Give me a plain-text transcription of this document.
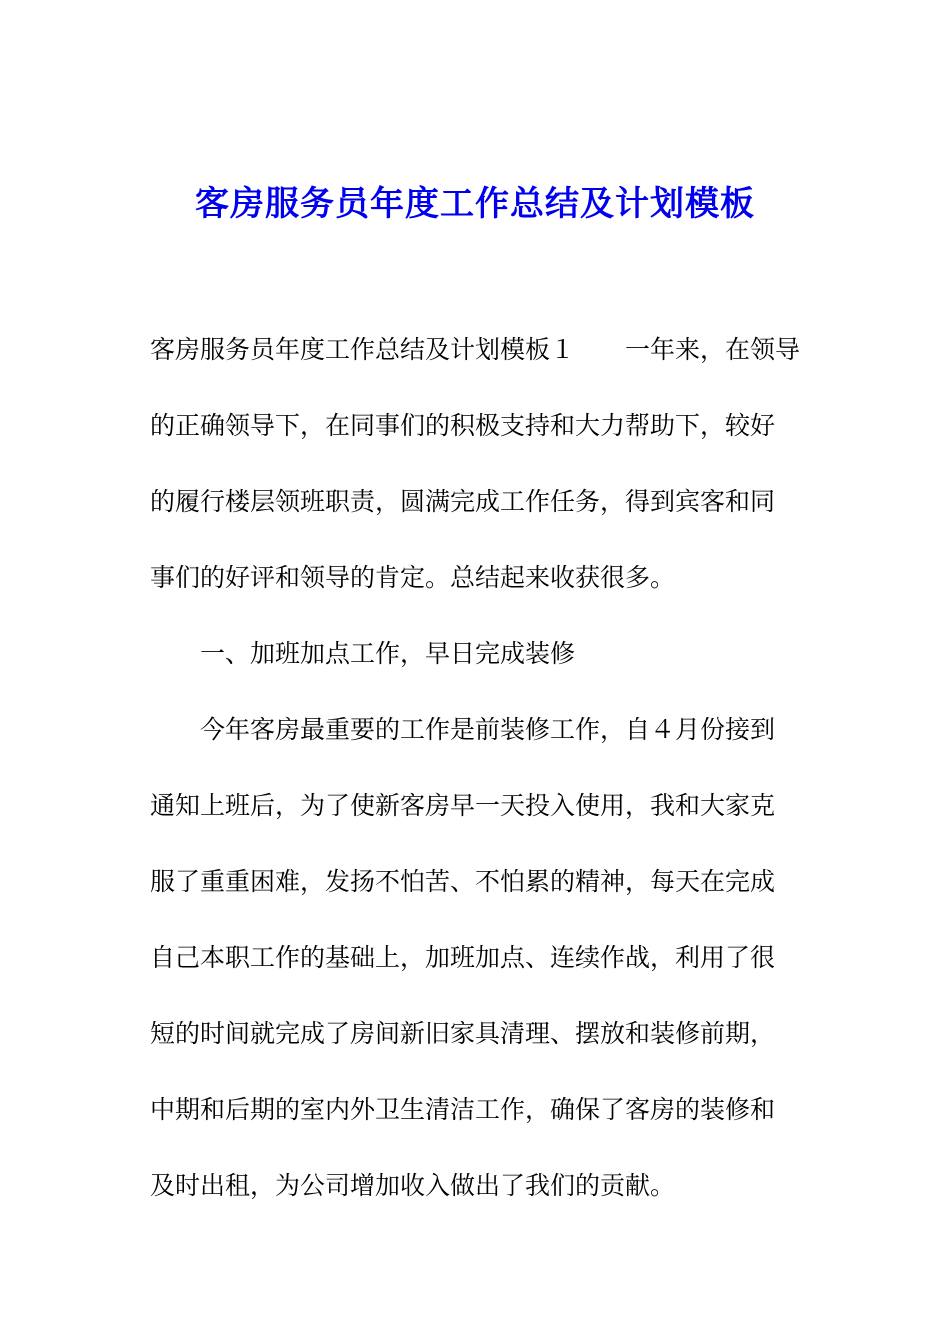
客房服务员年度工作总结及计划模板
客房服务员年度工作总结及计划模板１　　一年来，在领导
的正确领导下，在同事们的积极支持和大力帮助下，较好
的履行楼层领班职责，圆满完成工作任务，得到宾客和同
事们的好评和领导的肯定。总结起来收获很多。
一、加班加点工作，早日完成装修
今年客房最重要的工作是前装修工作，自４月份接到
通知上班后，为了使新客房早一天投入使用，我和大家克
服了重重困难，发扬不怕苦、不怕累的精神，每天在完成
自己本职工作的基础上，加班加点、连续作战，利用了很
短的时间就完成了房间新旧家具清理、摆放和装修前期，
中期和后期的室内外卫生清洁工作，确保了客房的装修和
及时出租，为公司增加收入做出了我们的贡献。
